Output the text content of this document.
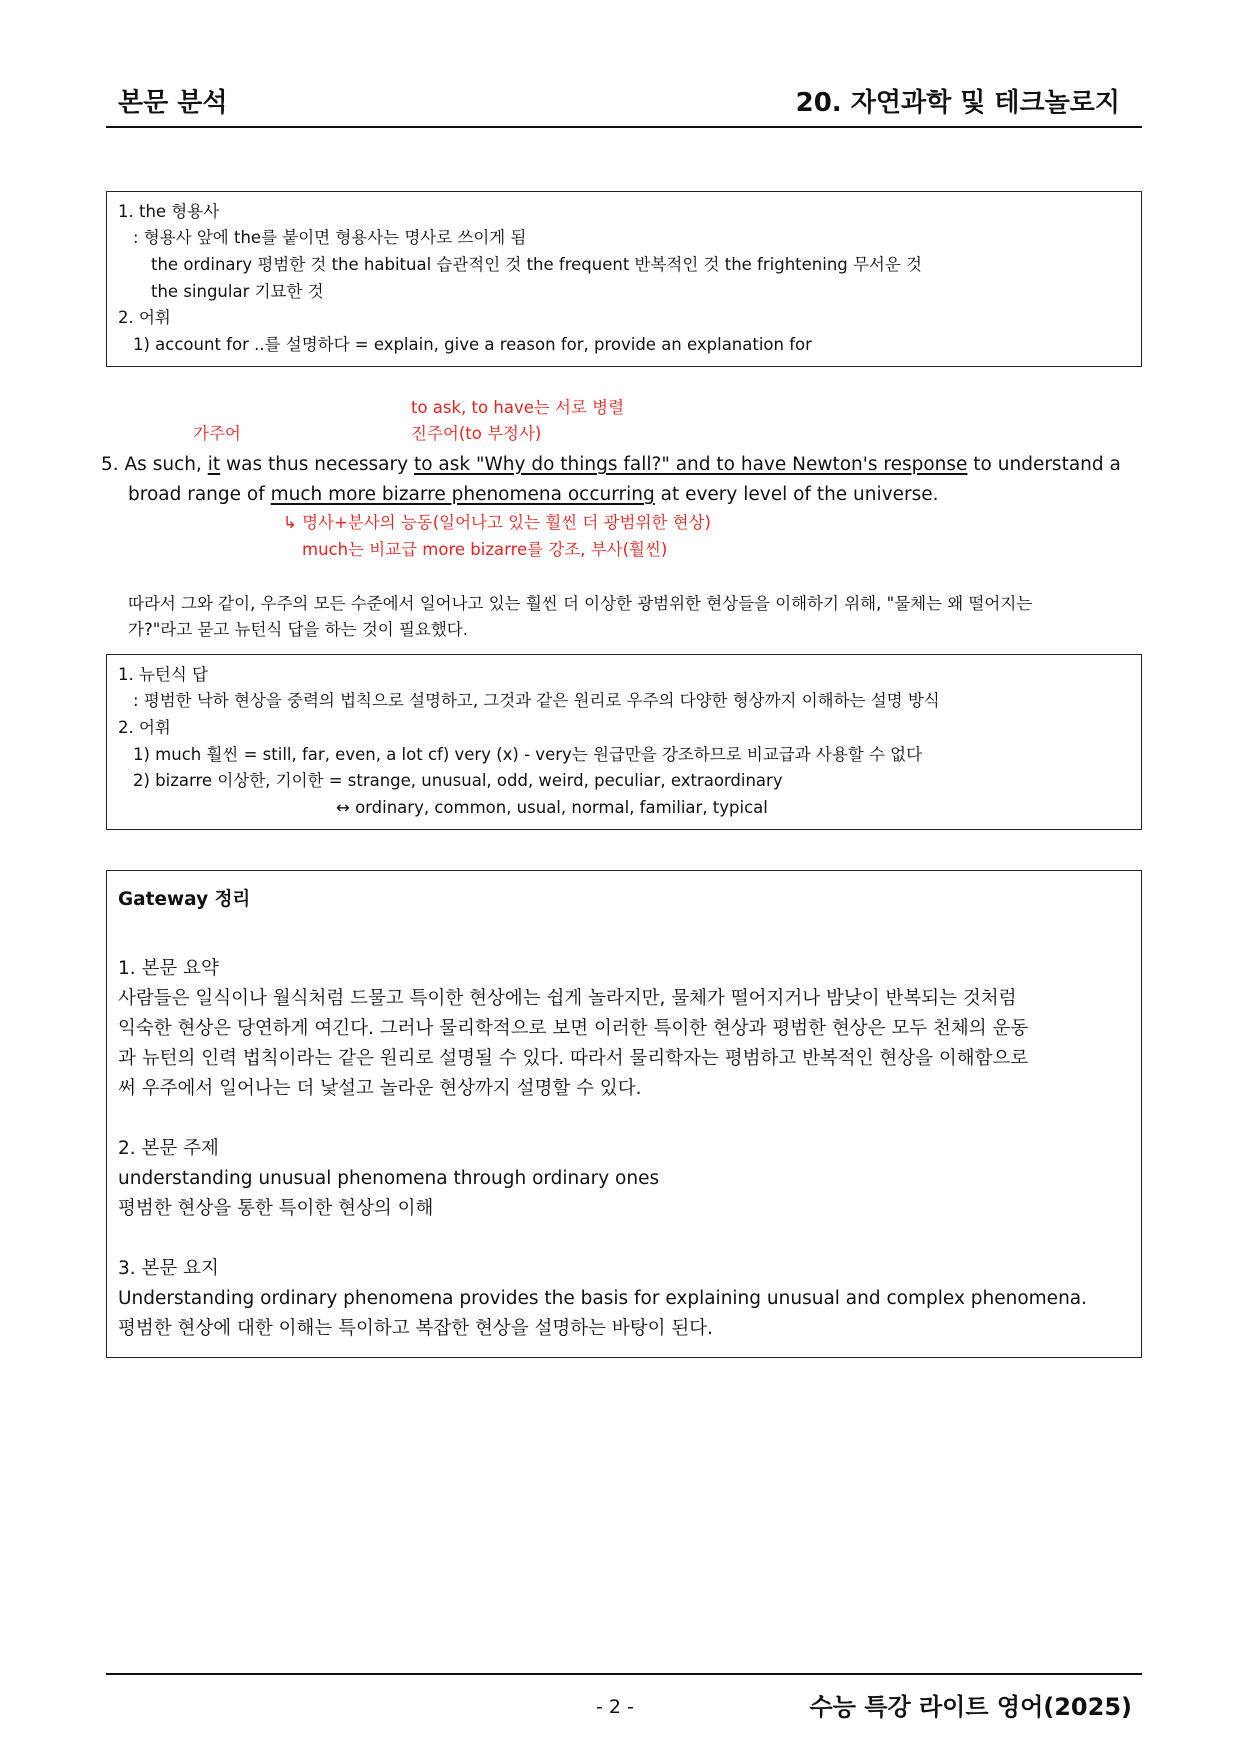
본문 분석	20. 자연과학 및 테크놀로지
1. the 형용사
: 형용사 앞에 the를 붙이면 형용사는 명사로 쓰이게 됨
the ordinary 평범한 것 the habitual 습관적인 것 the frequent 반복적인 것 the frightening 무서운 것
the singular 기묘한 것
2. 어휘
1) account for ..를 설명하다 = explain, give a reason for, provide an explanation for
to ask, to have는 서로 병렬
가주어	진주어(to 부정사)
5. As such, it was thus necessary to ask "Why do things fall?" and to have Newton's response to understand a
broad range of much more bizarre phenomena occurring at every level of the universe.
↳ 명사+분사의 능동(일어나고 있는 훨씬 더 광범위한 현상)
much는 비교급 more bizarre를 강조, 부사(훨씬)
따라서 그와 같이, 우주의 모든 수준에서 일어나고 있는 훨씬 더 이상한 광범위한 현상들을 이해하기 위해, "물체는 왜 떨어지는
가?"라고 묻고 뉴턴식 답을 하는 것이 필요했다.
1. 뉴턴식 답
: 평범한 낙하 현상을 중력의 법칙으로 설명하고, 그것과 같은 원리로 우주의 다양한 형상까지 이해하는 설명 방식
2. 어휘
1) much 훨씬 = still, far, even, a lot cf) very (x) - very는 원급만을 강조하므로 비교급과 사용할 수 없다
2) bizarre 이상한, 기이한 = strange, unusual, odd, weird, peculiar, extraordinary
↔ ordinary, common, usual, normal, familiar, typical
Gateway 정리
1. 본문 요약
사람들은 일식이나 월식처럼 드물고 특이한 현상에는 쉽게 놀라지만, 물체가 떨어지거나 밤낮이 반복되는 것처럼
익숙한 현상은 당연하게 여긴다. 그러나 물리학적으로 보면 이러한 특이한 현상과 평범한 현상은 모두 천체의 운동
과 뉴턴의 인력 법칙이라는 같은 원리로 설명될 수 있다. 따라서 물리학자는 평범하고 반복적인 현상을 이해함으로
써 우주에서 일어나는 더 낯설고 놀라운 현상까지 설명할 수 있다.
2. 본문 주제
understanding unusual phenomena through ordinary ones
평범한 현상을 통한 특이한 현상의 이해
3. 본문 요지
Understanding ordinary phenomena provides the basis for explaining unusual and complex phenomena.
평범한 현상에 대한 이해는 특이하고 복잡한 현상을 설명하는 바탕이 된다.
- 2 -	수능 특강 라이트 영어(2025)
